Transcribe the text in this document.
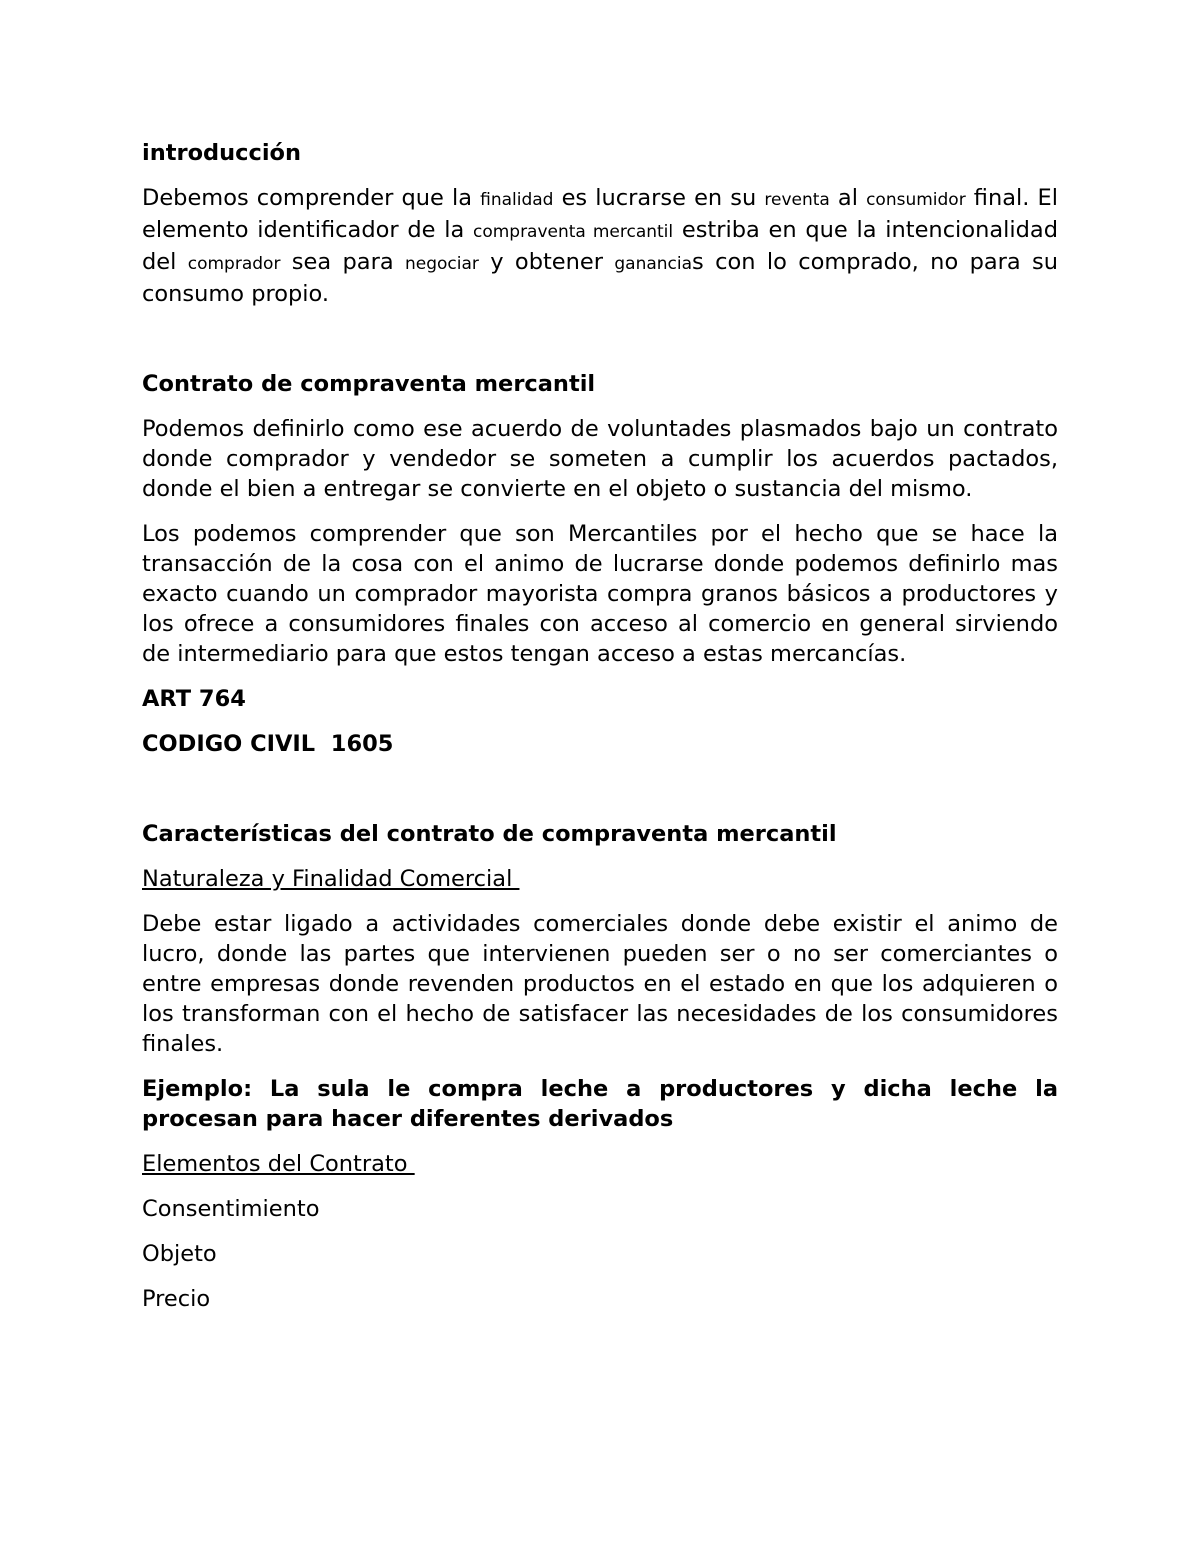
introducción

Debemos comprender que la finalidad es lucrarse en su reventa al consumidor final. El elemento identificador de la compraventa mercantil estriba en que la intencionalidad del comprador sea para negociar y obtener ganancias con lo comprado, no para su consumo propio.

Contrato de compraventa mercantil

Podemos definirlo como ese acuerdo de voluntades plasmados bajo un contrato donde comprador y vendedor se someten a cumplir los acuerdos pactados, donde el bien a entregar se convierte en el objeto o sustancia del mismo.

Los podemos comprender que son Mercantiles por el hecho que se hace la transacción de la cosa con el animo de lucrarse donde podemos definirlo mas exacto cuando un comprador mayorista compra granos básicos a productores y los ofrece a consumidores finales con acceso al comercio en general sirviendo de intermediario para que estos tengan acceso a estas mercancías.

ART 764

CODIGO CIVIL  1605

Características del contrato de compraventa mercantil

Naturaleza y Finalidad Comercial

Debe estar ligado a actividades comerciales donde debe existir el animo de lucro, donde las partes que intervienen pueden ser o no ser comerciantes o entre empresas donde revenden productos en el estado en que los adquieren o los transforman con el hecho de satisfacer las necesidades de los consumidores finales.

Ejemplo: La sula le compra leche a productores y dicha leche la procesan para hacer diferentes derivados

Elementos del Contrato

Consentimiento

Objeto

Precio
